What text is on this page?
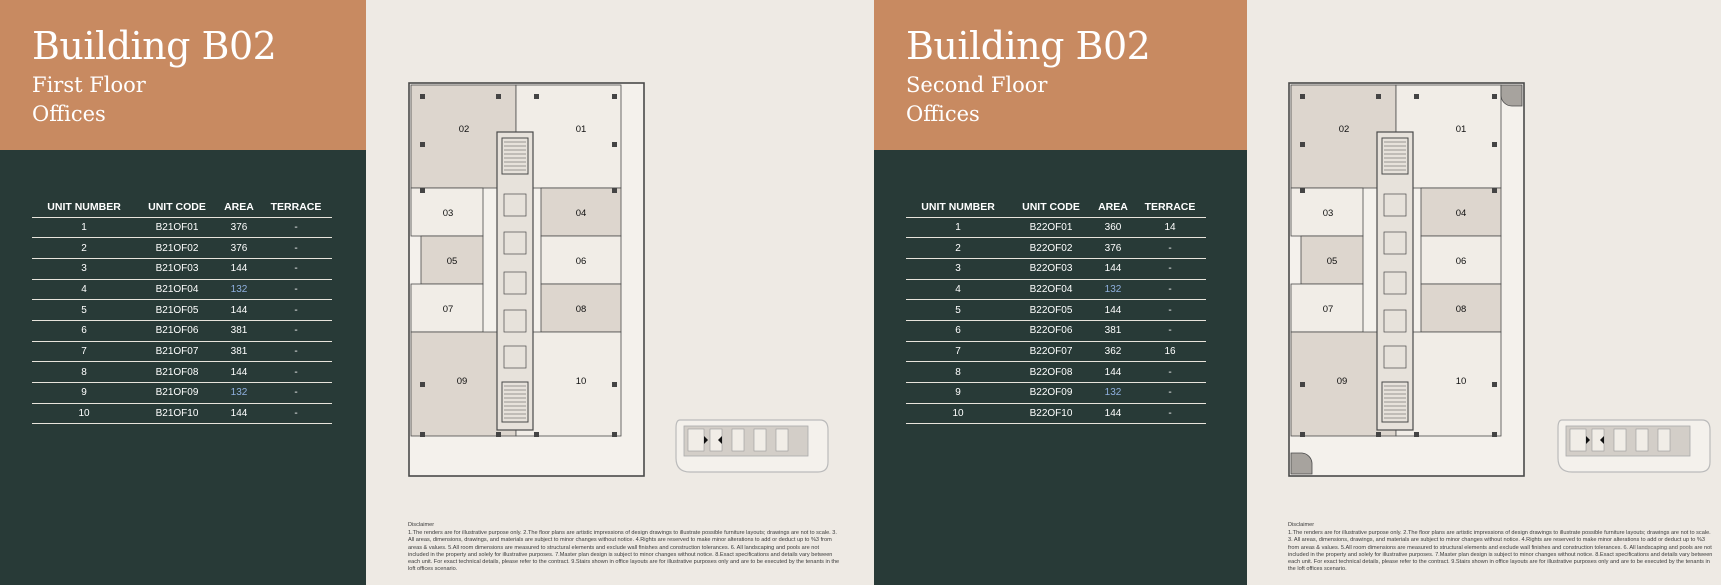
Building B02
First Floor
Offices
UNIT NUMBER	UNIT CODE	AREA	TERRACE
1	B21OF01	376	-
2	B21OF02	376	-
3	B21OF03	144	-
4	B21OF04	132	-
5	B21OF05	144	-
6	B21OF06	381	-
7	B21OF07	381	-
8	B21OF08	144	-
9	B21OF09	132	-
10	B21OF10	144	-
01
02
03	04
05	06
07	08
09	10
Disclaimer
1.The renders are for illustrative purpose only. 2.The floor plans are artistic impressions of design drawings to illustrate possible furniture layouts; drawings are not to scale. 3. All areas, dimensions, drawings, and materials are subject to minor changes without notice. 4.Rights are reserved to make minor alterations to add or deduct up to %3 from areas & values. 5.All room dimensions are measured to structural elements and exclude wall finishes and construction tolerances. 6. All landscaping and pools are not included in the property and solely for illustrative purposes. 7.Master plan design is subject to minor changes without notice. 8.Exact specifications and details vary between each unit. For exact technical details, please refer to the contract. 9.Stairs shown in office layouts are for illustrative purposes only and are to be executed by the tenants in the loft offices scenario.
Building B02
Second Floor
Offices
UNIT NUMBER	UNIT CODE	AREA	TERRACE
1	B22OF01	360	14
2	B22OF02	376	-
3	B22OF03	144	-
4	B22OF04	132	-
5	B22OF05	144	-
6	B22OF06	381	-
7	B22OF07	362	16
8	B22OF08	144	-
9	B22OF09	132	-
10	B22OF10	144	-
01
02
03	04
05	06
07	08
09	10
Disclaimer
1.The renders are for illustrative purpose only. 2.The floor plans are artistic impressions of design drawings to illustrate possible furniture layouts; drawings are not to scale. 3. All areas, dimensions, drawings, and materials are subject to minor changes without notice. 4.Rights are reserved to make minor alterations to add or deduct up to %3 from areas & values. 5.All room dimensions are measured to structural elements and exclude wall finishes and construction tolerances. 6. All landscaping and pools are not included in the property and solely for illustrative purposes. 7.Master plan design is subject to minor changes without notice. 8.Exact specifications and details vary between each unit. For exact technical details, please refer to the contract. 9.Stairs shown in office layouts are for illustrative purposes only and are to be executed by the tenants in the loft offices scenario.
